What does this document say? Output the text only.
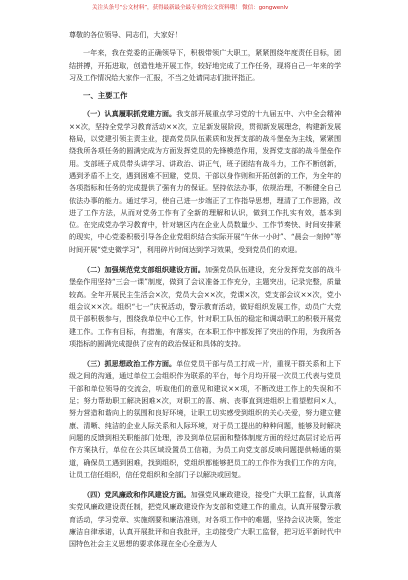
关注头条号“公文材料”，获得最新最全最专业的公文资料哦！ 微信：gongwenlv

尊敬的各位领导、同志们，大家好！

一年来，我在党委的正确领导下，积极带领广大职工，紧紧围绕年度责任目标，团结拼搏，开拓进取，创造性地开展工作，较好地完成了工作任务，现将自己一年来的学习及工作情况给大家作一汇报，不当之处请同志们批评指正。

一、主要工作

（一）认真履职抓党建方面。我支部开展重点学习党的十九届五中、六中全会精神××次，坚持全党学习教育活动××次，立足新发展阶段，贯彻新发展理念，构建新发展格局，以党建引领主责主业，提高党员队伍素质和发挥支部的战斗堡垒为主线，紧紧围绕我所各项任务的圆满完成为方面发挥党员的先锋模范作用，发挥党支部的战斗堡垒作用。支部班子成员带头讲学习、讲政治、讲正气，班子团结有战斗力，工作不断创新，遇到矛盾不上交，遇到困难不回避，党员、干部以身作则和开拓创新的工作，为全年的各项指标和任务的完成提供了强有力的保证。坚持依法办事，依规治理，不断健全自己依法办事的能力。通过学习，使自己进一步端正了工作指导思想，理清了工作思路，改进了工作方法，从而对党务工作有了全新的理解和认识，做到工作扎实有效，基本到位。在完成党办学习教育中，针对辖区内在企业人员数量少、工作节奏快、时间安排紧的现实，中心党委积极引导各企业党组织结合实际开展“午休一小时”、“晨会一刻钟”等时间开展“党史微学习”，利用碎片时间达到学习效果，受到党员们的欢迎。

（二）加强规范党支部组织建设方面。加强党员队伍建设，充分发挥党支部的战斗堡垒作用坚持“三会一课”制度，做到了会议准备工作充分，主题突出，记录完整，质量较高。全年开展民主生活会×次，党员大会××次，党课×次，党支部会议××次，党小组会议××次。组织“七一”庆祝活动，警示教育活动，做好组织发展工作，动员广大党员干部积极参与，围绕我单位中心工作，针对职工队伍的稳定和调动职工的积极开展党建工作。工作有目标，有措施，有落实，在本职工作中都发挥了突出的作用，为我所各项指标的圆满完成提供了应有的政治保证和具体的支持。

（三）抓思想政治工作方面。单位党员干部与员工打成一片，重视干群关系和上下级之间的沟通，通过单位工会组织作为联系的平台，每个月均开展一次员工代表与党员干部和单位领导的交流会，听取他们的意见和建议××项，不断改进工作上的失误和不足；努力帮助职工解决困难×次，对职工的喜、病、丧事直到进组织上看望慰问×人，努力营造和谐向上的氛围和良好环境，让职工切实感受到组织的关心关爱，努力建立健康、清晰、纯洁的企业人际关系和人际环境，对于员工提出的种种问题，能够及时解决问题的反馈到相关职能部门处理，涉及到单位层面和整体制度方面的经过高层讨论后再作方案执行，单位在公共区域设置员工信箱，为员工向党支部反映问题提供畅通的渠道，确保员工遇到困难，找到组织，党组织都能够把员工的工作作为我们工作的方向，让员工信任组织，信任党组织和全部门子以解决或回复。

（四）党风廉政和作风建设方面。加强党风廉政建设，接受广大职工监督，认真落实党风廉政建设责任制，把党风廉政建设作为支部和党建工作的重点，认真开展警示教育活动，学习党章、实施纲要和廉洁准则，对各项工作中的难题，坚持会议决策，签定廉洁自律承诺，认真开展批评和自我批评，主动接受广大职工监督，把习近平新时代中国特色社会主义思想的要求体现在全心全意为人
